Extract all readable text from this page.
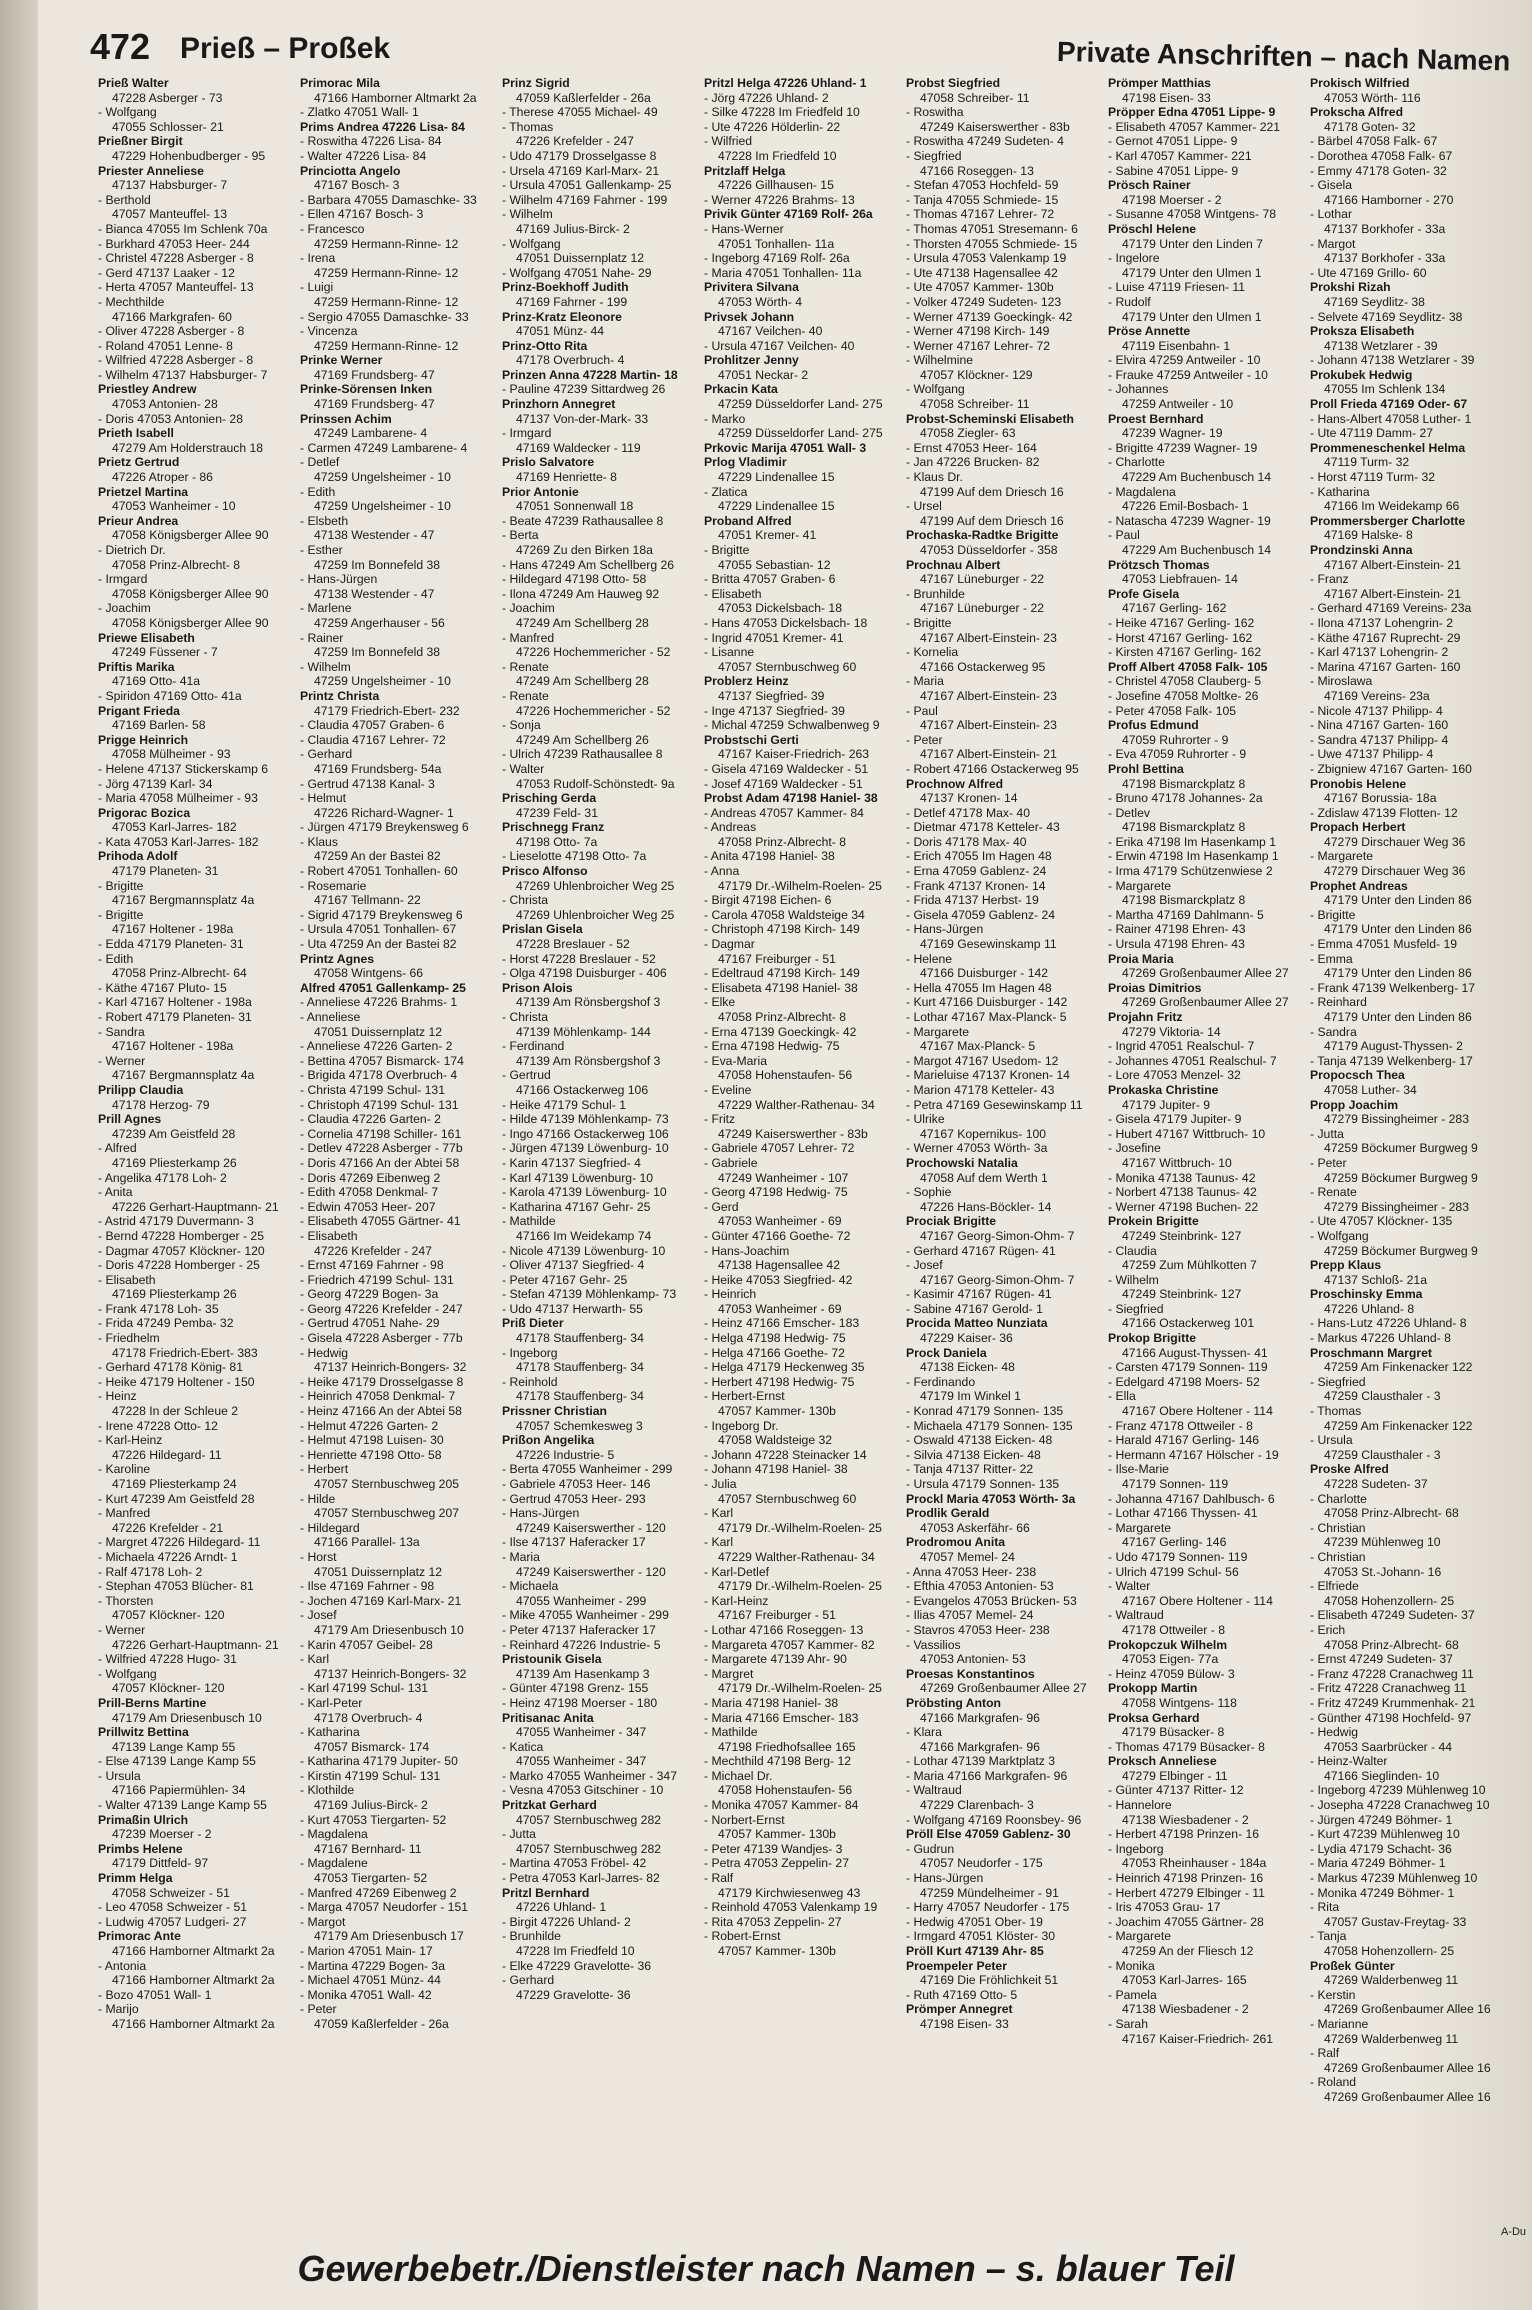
472 Prieß – Proßek	Private Anschriften – nach Namen
Prieß Walter
47228 Asberger - 73
- Wolfgang
47055 Schlosser- 21
Prießner Birgit
47229 Hohenbudberger - 95
Priester Anneliese
47137 Habsburger- 7
- Berthold
47057 Manteuffel- 13
- Bianca 47055 Im Schlenk 70a
- Burkhard 47053 Heer- 244
- Christel 47228 Asberger - 8
- Gerd 47137 Laaker - 12
- Herta 47057 Manteuffel- 13
- Mechthilde
47166 Markgrafen- 60
- Oliver 47228 Asberger - 8
- Roland 47051 Lenne- 8
- Wilfried 47228 Asberger - 8
- Wilhelm 47137 Habsburger- 7
Priestley Andrew
47053 Antonien- 28
- Doris 47053 Antonien- 28
Prieth Isabell
47279 Am Holderstrauch 18
Prietz Gertrud
47226 Atroper - 86
Prietzel Martina
47053 Wanheimer - 10
Prieur Andrea
47058 Königsberger Allee 90
- Dietrich Dr.
47058 Prinz-Albrecht- 8
- Irmgard
47058 Königsberger Allee 90
- Joachim
47058 Königsberger Allee 90
Priewe Elisabeth
47249 Füssener - 7
Priftis Marika
47169 Otto- 41a
- Spiridon 47169 Otto- 41a
Prigant Frieda
47169 Barlen- 58
Prigge Heinrich
47058 Mülheimer - 93
- Helene 47137 Stickerskamp 6
- Jörg 47139 Karl- 34
- Maria 47058 Mülheimer - 93
Prigorac Bozica
47053 Karl-Jarres- 182
- Kata 47053 Karl-Jarres- 182
Prihoda Adolf
47179 Planeten- 31
- Brigitte
47167 Bergmannsplatz 4a
- Brigitte
47167 Holtener - 198a
- Edda 47179 Planeten- 31
- Edith
47058 Prinz-Albrecht- 64
- Käthe 47167 Pluto- 15
- Karl 47167 Holtener - 198a
- Robert 47179 Planeten- 31
- Sandra
47167 Holtener - 198a
- Werner
47167 Bergmannsplatz 4a
Prilipp Claudia
47178 Herzog- 79
Prill Agnes
47239 Am Geistfeld 28
- Alfred
47169 Pliesterkamp 26
- Angelika 47178 Loh- 2
- Anita
47226 Gerhart-Hauptmann- 21
- Astrid 47179 Duvermann- 3
- Bernd 47228 Homberger - 25
- Dagmar 47057 Klöckner- 120
- Doris 47228 Homberger - 25
- Elisabeth
47169 Pliesterkamp 26
- Frank 47178 Loh- 35
- Frida 47249 Pemba- 32
- Friedhelm
47178 Friedrich-Ebert- 383
- Gerhard 47178 König- 81
- Heike 47179 Holtener - 150
- Heinz
47228 In der Schleue 2
- Irene 47228 Otto- 12
- Karl-Heinz
47226 Hildegard- 11
- Karoline
47169 Pliesterkamp 24
- Kurt 47239 Am Geistfeld 28
- Manfred
47226 Krefelder - 21
- Margret 47226 Hildegard- 11
- Michaela 47226 Arndt- 1
- Ralf 47178 Loh- 2
- Stephan 47053 Blücher- 81
- Thorsten
47057 Klöckner- 120
- Werner
47226 Gerhart-Hauptmann- 21
- Wilfried 47228 Hugo- 31
- Wolfgang
47057 Klöckner- 120
Prill-Berns Martine
47179 Am Driesenbusch 10
Prillwitz Bettina
47139 Lange Kamp 55
- Else 47139 Lange Kamp 55
- Ursula
47166 Papiermühlen- 34
- Walter 47139 Lange Kamp 55
Primaßin Ulrich
47239 Moerser - 2
Primbs Helene
47179 Dittfeld- 97
Primm Helga
47058 Schweizer - 51
- Leo 47058 Schweizer - 51
- Ludwig 47057 Ludgeri- 27
Primorac Ante
47166 Hamborner Altmarkt 2a
- Antonia
47166 Hamborner Altmarkt 2a
- Bozo 47051 Wall- 1
- Marijo
47166 Hamborner Altmarkt 2a
Primorac Mila
47166 Hamborner Altmarkt 2a
- Zlatko 47051 Wall- 1
Prims Andrea 47226 Lisa- 84
- Roswitha 47226 Lisa- 84
- Walter 47226 Lisa- 84
Princiotta Angelo
47167 Bosch- 3
- Barbara 47055 Damaschke- 33
- Ellen 47167 Bosch- 3
- Francesco
47259 Hermann-Rinne- 12
- Irena
47259 Hermann-Rinne- 12
- Luigi
47259 Hermann-Rinne- 12
- Sergio 47055 Damaschke- 33
- Vincenza
47259 Hermann-Rinne- 12
Prinke Werner
47169 Frundsberg- 47
Prinke-Sörensen Inken
47169 Frundsberg- 47
Prinssen Achim
47249 Lambarene- 4
- Carmen 47249 Lambarene- 4
- Detlef
47259 Ungelsheimer - 10
- Edith
47259 Ungelsheimer - 10
- Elsbeth
47138 Westender - 47
- Esther
47259 Im Bonnefeld 38
- Hans-Jürgen
47138 Westender - 47
- Marlene
47259 Angerhauser - 56
- Rainer
47259 Im Bonnefeld 38
- Wilhelm
47259 Ungelsheimer - 10
Printz Christa
47179 Friedrich-Ebert- 232
- Claudia 47057 Graben- 6
- Claudia 47167 Lehrer- 72
- Gerhard
47169 Frundsberg- 54a
- Gertrud 47138 Kanal- 3
- Helmut
47226 Richard-Wagner- 1
- Jürgen 47179 Breykensweg 6
- Klaus
47259 An der Bastei 82
- Robert 47051 Tonhallen- 60
- Rosemarie
47167 Tellmann- 22
- Sigrid 47179 Breykensweg 6
- Ursula 47051 Tonhallen- 67
- Uta 47259 An der Bastei 82
Printz Agnes
47058 Wintgens- 66
Alfred 47051 Gallenkamp- 25
- Anneliese 47226 Brahms- 1
- Anneliese
47051 Duissernplatz 12
- Anneliese 47226 Garten- 2
- Bettina 47057 Bismarck- 174
- Brigida 47178 Overbruch- 4
- Christa 47199 Schul- 131
- Christoph 47199 Schul- 131
- Claudia 47226 Garten- 2
- Cornelia 47198 Schiller- 161
- Detlev 47228 Asberger - 77b
- Doris 47166 An der Abtei 58
- Doris 47269 Eibenweg 2
- Edith 47058 Denkmal- 7
- Edwin 47053 Heer- 207
- Elisabeth 47055 Gärtner- 41
- Elisabeth
47226 Krefelder - 247
- Ernst 47169 Fahrner - 98
- Friedrich 47199 Schul- 131
- Georg 47229 Bogen- 3a
- Georg 47226 Krefelder - 247
- Gertrud 47051 Nahe- 29
- Gisela 47228 Asberger - 77b
- Hedwig
47137 Heinrich-Bongers- 32
- Heike 47179 Drosselgasse 8
- Heinrich 47058 Denkmal- 7
- Heinz 47166 An der Abtei 58
- Helmut 47226 Garten- 2
- Helmut 47198 Luisen- 30
- Henriette 47198 Otto- 58
- Herbert
47057 Sternbuschweg 205
- Hilde
47057 Sternbuschweg 207
- Hildegard
47166 Parallel- 13a
- Horst
47051 Duissernplatz 12
- Ilse 47169 Fahrner - 98
- Jochen 47169 Karl-Marx- 21
- Josef
47179 Am Driesenbusch 10
- Karin 47057 Geibel- 28
- Karl
47137 Heinrich-Bongers- 32
- Karl 47199 Schul- 131
- Karl-Peter
47178 Overbruch- 4
- Katharina
47057 Bismarck- 174
- Katharina 47179 Jupiter- 50
- Kirstin 47199 Schul- 131
- Klothilde
47169 Julius-Birck- 2
- Kurt 47053 Tiergarten- 52
- Magdalena
47167 Bernhard- 11
- Magdalene
47053 Tiergarten- 52
- Manfred 47269 Eibenweg 2
- Marga 47057 Neudorfer - 151
- Margot
47179 Am Driesenbusch 17
- Marion 47051 Main- 17
- Martina 47229 Bogen- 3a
- Michael 47051 Münz- 44
- Monika 47051 Wall- 42
- Peter
47059 Kaßlerfelder - 26a
Prinz Sigrid
47059 Kaßlerfelder - 26a
- Therese 47055 Michael- 49
- Thomas
47226 Krefelder - 247
- Udo 47179 Drosselgasse 8
- Ursela 47169 Karl-Marx- 21
- Ursula 47051 Gallenkamp- 25
- Wilhelm 47169 Fahrner - 199
- Wilhelm
47169 Julius-Birck- 2
- Wolfgang
47051 Duissernplatz 12
- Wolfgang 47051 Nahe- 29
Prinz-Boekhoff Judith
47169 Fahrner - 199
Prinz-Kratz Eleonore
47051 Münz- 44
Prinz-Otto Rita
47178 Overbruch- 4
Prinzen Anna 47228 Martin- 18
- Pauline 47239 Sittardweg 26
Prinzhorn Annegret
47137 Von-der-Mark- 33
- Irmgard
47169 Waldecker - 119
Prislo Salvatore
47169 Henriette- 8
Prior Antonie
47051 Sonnenwall 18
- Beate 47239 Rathausallee 8
- Berta
47269 Zu den Birken 18a
- Hans 47249 Am Schellberg 26
- Hildegard 47198 Otto- 58
- Ilona 47249 Am Hauweg 92
- Joachim
47249 Am Schellberg 28
- Manfred
47226 Hochemmericher - 52
- Renate
47249 Am Schellberg 28
- Renate
47226 Hochemmericher - 52
- Sonja
47249 Am Schellberg 26
- Ulrich 47239 Rathausallee 8
- Walter
47053 Rudolf-Schönstedt- 9a
Prisching Gerda
47239 Feld- 31
Prischnegg Franz
47198 Otto- 7a
- Lieselotte 47198 Otto- 7a
Prisco Alfonso
47269 Uhlenbroicher Weg 25
- Christa
47269 Uhlenbroicher Weg 25
Prislan Gisela
47228 Breslauer - 52
- Horst 47228 Breslauer - 52
- Olga 47198 Duisburger - 406
Prison Alois
47139 Am Rönsbergshof 3
- Christa
47139 Möhlenkamp- 144
- Ferdinand
47139 Am Rönsbergshof 3
- Gertrud
47166 Ostackerweg 106
- Heike 47179 Schul- 1
- Hilde 47139 Möhlenkamp- 73
- Ingo 47166 Ostackerweg 106
- Jürgen 47139 Löwenburg- 10
- Karin 47137 Siegfried- 4
- Karl 47139 Löwenburg- 10
- Karola 47139 Löwenburg- 10
- Katharina 47167 Gehr- 25
- Mathilde
47166 Im Weidekamp 74
- Nicole 47139 Löwenburg- 10
- Oliver 47137 Siegfried- 4
- Peter 47167 Gehr- 25
- Stefan 47139 Möhlenkamp- 73
- Udo 47137 Herwarth- 55
Priß Dieter
47178 Stauffenberg- 34
- Ingeborg
47178 Stauffenberg- 34
- Reinhold
47178 Stauffenberg- 34
Prissner Christian
47057 Schemkesweg 3
Prißon Angelika
47226 Industrie- 5
- Berta 47055 Wanheimer - 299
- Gabriele 47053 Heer- 146
- Gertrud 47053 Heer- 293
- Hans-Jürgen
47249 Kaiserswerther - 120
- Ilse 47137 Haferacker 17
- Maria
47249 Kaiserswerther - 120
- Michaela
47055 Wanheimer - 299
- Mike 47055 Wanheimer - 299
- Peter 47137 Haferacker 17
- Reinhard 47226 Industrie- 5
Pristounik Gisela
47139 Am Hasenkamp 3
- Günter 47198 Grenz- 155
- Heinz 47198 Moerser - 180
Pritisanac Anita
47055 Wanheimer - 347
- Katica
47055 Wanheimer - 347
- Marko 47055 Wanheimer - 347
- Vesna 47053 Gitschiner - 10
Pritzkat Gerhard
47057 Sternbuschweg 282
- Jutta
47057 Sternbuschweg 282
- Martina 47053 Fröbel- 42
- Petra 47053 Karl-Jarres- 82
Pritzl Bernhard
47226 Uhland- 1
- Birgit 47226 Uhland- 2
- Brunhilde
47228 Im Friedfeld 10
- Elke 47229 Gravelotte- 36
- Gerhard
47229 Gravelotte- 36
Pritzl Helga 47226 Uhland- 1
- Jörg 47226 Uhland- 2
- Silke 47228 Im Friedfeld 10
- Ute 47226 Hölderlin- 22
- Wilfried
47228 Im Friedfeld 10
Pritzlaff Helga
47226 Gillhausen- 15
- Werner 47226 Brahms- 13
Privik Günter 47169 Rolf- 26a
- Hans-Werner
47051 Tonhallen- 11a
- Ingeborg 47169 Rolf- 26a
- Maria 47051 Tonhallen- 11a
Privitera Silvana
47053 Wörth- 4
Privsek Johann
47167 Veilchen- 40
- Ursula 47167 Veilchen- 40
Prohlitzer Jenny
47051 Neckar- 2
Prkacin Kata
47259 Düsseldorfer Land- 275
- Marko
47259 Düsseldorfer Land- 275
Prkovic Marija 47051 Wall- 3
Prlog Vladimir
47229 Lindenallee 15
- Zlatica
47229 Lindenallee 15
Proband Alfred
47051 Kremer- 41
- Brigitte
47055 Sebastian- 12
- Britta 47057 Graben- 6
- Elisabeth
47053 Dickelsbach- 18
- Hans 47053 Dickelsbach- 18
- Ingrid 47051 Kremer- 41
- Lisanne
47057 Sternbuschweg 60
Problerz Heinz
47137 Siegfried- 39
- Inge 47137 Siegfried- 39
- Michal 47259 Schwalbenweg 9
Probstschi Gerti
47167 Kaiser-Friedrich- 263
- Gisela 47169 Waldecker - 51
- Josef 47169 Waldecker - 51
Probst Adam 47198 Haniel- 38
- Andreas 47057 Kammer- 84
- Andreas
47058 Prinz-Albrecht- 8
- Anita 47198 Haniel- 38
- Anna
47179 Dr.-Wilhelm-Roelen- 25
- Birgit 47198 Eichen- 6
- Carola 47058 Waldsteige 34
- Christoph 47198 Kirch- 149
- Dagmar
47167 Freiburger - 51
- Edeltraud 47198 Kirch- 149
- Elisabeta 47198 Haniel- 38
- Elke
47058 Prinz-Albrecht- 8
- Erna 47139 Goeckingk- 42
- Erna 47198 Hedwig- 75
- Eva-Maria
47058 Hohenstaufen- 56
- Eveline
47229 Walther-Rathenau- 34
- Fritz
47249 Kaiserswerther - 83b
- Gabriele 47057 Lehrer- 72
- Gabriele
47249 Wanheimer - 107
- Georg 47198 Hedwig- 75
- Gerd
47053 Wanheimer - 69
- Günter 47166 Goethe- 72
- Hans-Joachim
47138 Hagensallee 42
- Heike 47053 Siegfried- 42
- Heinrich
47053 Wanheimer - 69
- Heinz 47166 Emscher- 183
- Helga 47198 Hedwig- 75
- Helga 47166 Goethe- 72
- Helga 47179 Heckenweg 35
- Herbert 47198 Hedwig- 75
- Herbert-Ernst
47057 Kammer- 130b
- Ingeborg Dr.
47058 Waldsteige 32
- Johann 47228 Steinacker 14
- Johann 47198 Haniel- 38
- Julia
47057 Sternbuschweg 60
- Karl
47179 Dr.-Wilhelm-Roelen- 25
- Karl
47229 Walther-Rathenau- 34
- Karl-Detlef
47179 Dr.-Wilhelm-Roelen- 25
- Karl-Heinz
47167 Freiburger - 51
- Lothar 47166 Roseggen- 13
- Margareta 47057 Kammer- 82
- Margarete 47139 Ahr- 90
- Margret
47179 Dr.-Wilhelm-Roelen- 25
- Maria 47198 Haniel- 38
- Maria 47166 Emscher- 183
- Mathilde
47198 Friedhofsallee 165
- Mechthild 47198 Berg- 12
- Michael Dr.
47058 Hohenstaufen- 56
- Monika 47057 Kammer- 84
- Norbert-Ernst
47057 Kammer- 130b
- Peter 47139 Wandjes- 3
- Petra 47053 Zeppelin- 27
- Ralf
47179 Kirchwiesenweg 43
- Reinhold 47053 Valenkamp 19
- Rita 47053 Zeppelin- 27
- Robert-Ernst
47057 Kammer- 130b
Probst Siegfried
47058 Schreiber- 11
- Roswitha
47249 Kaiserswerther - 83b
- Roswitha 47249 Sudeten- 4
- Siegfried
47166 Roseggen- 13
- Stefan 47053 Hochfeld- 59
- Tanja 47055 Schmiede- 15
- Thomas 47167 Lehrer- 72
- Thomas 47051 Stresemann- 6
- Thorsten 47055 Schmiede- 15
- Ursula 47053 Valenkamp 19
- Ute 47138 Hagensallee 42
- Ute 47057 Kammer- 130b
- Volker 47249 Sudeten- 123
- Werner 47139 Goeckingk- 42
- Werner 47198 Kirch- 149
- Werner 47167 Lehrer- 72
- Wilhelmine
47057 Klöckner- 129
- Wolfgang
47058 Schreiber- 11
Probst-Scheminski Elisabeth
47058 Ziegler- 63
- Ernst 47053 Heer- 164
- Jan 47226 Brucken- 82
- Klaus Dr.
47199 Auf dem Driesch 16
- Ursel
47199 Auf dem Driesch 16
Prochaska-Radtke Brigitte
47053 Düsseldorfer - 358
Prochnau Albert
47167 Lüneburger - 22
- Brunhilde
47167 Lüneburger - 22
- Brigitte
47167 Albert-Einstein- 23
- Kornelia
47166 Ostackerweg 95
- Maria
47167 Albert-Einstein- 23
- Paul
47167 Albert-Einstein- 23
- Peter
47167 Albert-Einstein- 21
- Robert 47166 Ostackerweg 95
Prochnow Alfred
47137 Kronen- 14
- Detlef 47178 Max- 40
- Dietmar 47178 Ketteler- 43
- Doris 47178 Max- 40
- Erich 47055 Im Hagen 48
- Erna 47059 Gablenz- 24
- Frank 47137 Kronen- 14
- Frida 47137 Herbst- 19
- Gisela 47059 Gablenz- 24
- Hans-Jürgen
47169 Gesewinskamp 11
- Helene
47166 Duisburger - 142
- Hella 47055 Im Hagen 48
- Kurt 47166 Duisburger - 142
- Lothar 47167 Max-Planck- 5
- Margarete
47167 Max-Planck- 5
- Margot 47167 Usedom- 12
- Marieluise 47137 Kronen- 14
- Marion 47178 Ketteler- 43
- Petra 47169 Gesewinskamp 11
- Ulrike
47167 Kopernikus- 100
- Werner 47053 Wörth- 3a
Prochowski Natalia
47058 Auf dem Werth 1
- Sophie
47226 Hans-Böckler- 14
Prociak Brigitte
47167 Georg-Simon-Ohm- 7
- Gerhard 47167 Rügen- 41
- Josef
47167 Georg-Simon-Ohm- 7
- Kasimir 47167 Rügen- 41
- Sabine 47167 Gerold- 1
Procida Matteo Nunziata
47229 Kaiser- 36
Prock Daniela
47138 Eicken- 48
- Ferdinando
47179 Im Winkel 1
- Konrad 47179 Sonnen- 135
- Michaela 47179 Sonnen- 135
- Oswald 47138 Eicken- 48
- Silvia 47138 Eicken- 48
- Tanja 47137 Ritter- 22
- Ursula 47179 Sonnen- 135
Prockl Maria 47053 Wörth- 3a
Prodlik Gerald
47053 Askerfähr- 66
Prodromou Anita
47057 Memel- 24
- Anna 47053 Heer- 238
- Efthia 47053 Antonien- 53
- Evangelos 47053 Brücken- 53
- Ilias 47057 Memel- 24
- Stavros 47053 Heer- 238
- Vassilios
47053 Antonien- 53
Proesas Konstantinos
47269 Großenbaumer Allee 27
Pröbsting Anton
47166 Markgrafen- 96
- Klara
47166 Markgrafen- 96
- Lothar 47139 Marktplatz 3
- Maria 47166 Markgrafen- 96
- Waltraud
47229 Clarenbach- 3
- Wolfgang 47169 Roonsbey- 96
Pröll Else 47059 Gablenz- 30
- Gudrun
47057 Neudorfer - 175
- Hans-Jürgen
47259 Mündelheimer - 91
- Harry 47057 Neudorfer - 175
- Hedwig 47051 Ober- 19
- Irmgard 47051 Klöster- 30
Pröll Kurt 47139 Ahr- 85
Proempeler Peter
47169 Die Fröhlichkeit 51
- Ruth 47169 Otto- 5
Prömper Annegret
47198 Eisen- 33
Prömper Matthias
47198 Eisen- 33
Pröpper Edna 47051 Lippe- 9
- Elisabeth 47057 Kammer- 221
- Gernot 47051 Lippe- 9
- Karl 47057 Kammer- 221
- Sabine 47051 Lippe- 9
Prösch Rainer
47198 Moerser - 2
- Susanne 47058 Wintgens- 78
Pröschl Helene
47179 Unter den Linden 7
- Ingelore
47179 Unter den Ulmen 1
- Luise 47119 Friesen- 11
- Rudolf
47179 Unter den Ulmen 1
Pröse Annette
47119 Eisenbahn- 1
- Elvira 47259 Antweiler - 10
- Frauke 47259 Antweiler - 10
- Johannes
47259 Antweiler - 10
Proest Bernhard
47239 Wagner- 19
- Brigitte 47239 Wagner- 19
- Charlotte
47229 Am Buchenbusch 14
- Magdalena
47226 Emil-Bosbach- 1
- Natascha 47239 Wagner- 19
- Paul
47229 Am Buchenbusch 14
Prötzsch Thomas
47053 Liebfrauen- 14
Profe Gisela
47167 Gerling- 162
- Heike 47167 Gerling- 162
- Horst 47167 Gerling- 162
- Kirsten 47167 Gerling- 162
Proff Albert 47058 Falk- 105
- Christel 47058 Clauberg- 5
- Josefine 47058 Moltke- 26
- Peter 47058 Falk- 105
Profus Edmund
47059 Ruhrorter - 9
- Eva 47059 Ruhrorter - 9
Prohl Bettina
47198 Bismarckplatz 8
- Bruno 47178 Johannes- 2a
- Detlev
47198 Bismarckplatz 8
- Erika 47198 Im Hasenkamp 1
- Erwin 47198 Im Hasenkamp 1
- Irma 47179 Schützenwiese 2
- Margarete
47198 Bismarckplatz 8
- Martha 47169 Dahlmann- 5
- Rainer 47198 Ehren- 43
- Ursula 47198 Ehren- 43
Proia Maria
47269 Großenbaumer Allee 27
Proias Dimitrios
47269 Großenbaumer Allee 27
Projahn Fritz
47279 Viktoria- 14
- Ingrid 47051 Realschul- 7
- Johannes 47051 Realschul- 7
- Lore 47053 Menzel- 32
Prokaska Christine
47179 Jupiter- 9
- Gisela 47179 Jupiter- 9
- Hubert 47167 Wittbruch- 10
- Josefine
47167 Wittbruch- 10
- Monika 47138 Taunus- 42
- Norbert 47138 Taunus- 42
- Werner 47198 Buchen- 22
Prokein Brigitte
47249 Steinbrink- 127
- Claudia
47259 Zum Mühlkotten 7
- Wilhelm
47249 Steinbrink- 127
- Siegfried
47166 Ostackerweg 101
Prokop Brigitte
47166 August-Thyssen- 41
- Carsten 47179 Sonnen- 119
- Edelgard 47198 Moers- 52
- Ella
47167 Obere Holtener - 114
- Franz 47178 Ottweiler - 8
- Harald 47167 Gerling- 146
- Hermann 47167 Hölscher - 19
- Ilse-Marie
47179 Sonnen- 119
- Johanna 47167 Dahlbusch- 6
- Lothar 47166 Thyssen- 41
- Margarete
47167 Gerling- 146
- Udo 47179 Sonnen- 119
- Ulrich 47199 Schul- 56
- Walter
47167 Obere Holtener - 114
- Waltraud
47178 Ottweiler - 8
Prokopczuk Wilhelm
47053 Eigen- 77a
- Heinz 47059 Bülow- 3
Prokopp Martin
47058 Wintgens- 118
Proksa Gerhard
47179 Büsacker- 8
- Thomas 47179 Büsacker- 8
Proksch Anneliese
47279 Elbinger - 11
- Günter 47137 Ritter- 12
- Hannelore
47138 Wiesbadener - 2
- Herbert 47198 Prinzen- 16
- Ingeborg
47053 Rheinhauser - 184a
- Heinrich 47198 Prinzen- 16
- Herbert 47279 Elbinger - 11
- Iris 47053 Grau- 17
- Joachim 47055 Gärtner- 28
- Margarete
47259 An der Fliesch 12
- Monika
47053 Karl-Jarres- 165
- Pamela
47138 Wiesbadener - 2
- Sarah
47167 Kaiser-Friedrich- 261
Prokisch Wilfried
47053 Wörth- 116
Prokscha Alfred
47178 Goten- 32
- Bärbel 47058 Falk- 67
- Dorothea 47058 Falk- 67
- Emmy 47178 Goten- 32
- Gisela
47166 Hamborner - 270
- Lothar
47137 Borkhofer - 33a
- Margot
47137 Borkhofer - 33a
- Ute 47169 Grillo- 60
Prokshi Rizah
47169 Seydlitz- 38
- Selvete 47169 Seydlitz- 38
Proksza Elisabeth
47138 Wetzlarer - 39
- Johann 47138 Wetzlarer - 39
Prokubek Hedwig
47055 Im Schlenk 134
Proll Frieda 47169 Oder- 67
- Hans-Albert 47058 Luther- 1
- Ute 47119 Damm- 27
Prommeneschenkel Helma
47119 Turm- 32
- Horst 47119 Turm- 32
- Katharina
47166 Im Weidekamp 66
Prommersberger Charlotte
47169 Halske- 8
Prondzinski Anna
47167 Albert-Einstein- 21
- Franz
47167 Albert-Einstein- 21
- Gerhard 47169 Vereins- 23a
- Ilona 47137 Lohengrin- 2
- Käthe 47167 Ruprecht- 29
- Karl 47137 Lohengrin- 2
- Marina 47167 Garten- 160
- Miroslawa
47169 Vereins- 23a
- Nicole 47137 Philipp- 4
- Nina 47167 Garten- 160
- Sandra 47137 Philipp- 4
- Uwe 47137 Philipp- 4
- Zbigniew 47167 Garten- 160
Pronobis Helene
47167 Borussia- 18a
- Zdislaw 47139 Flotten- 12
Propach Herbert
47279 Dirschauer Weg 36
- Margarete
47279 Dirschauer Weg 36
Prophet Andreas
47179 Unter den Linden 86
- Brigitte
47179 Unter den Linden 86
- Emma 47051 Musfeld- 19
- Emma
47179 Unter den Linden 86
- Frank 47139 Welkenberg- 17
- Reinhard
47179 Unter den Linden 86
- Sandra
47179 August-Thyssen- 2
- Tanja 47139 Welkenberg- 17
Propocsch Thea
47058 Luther- 34
Propp Joachim
47279 Bissingheimer - 283
- Jutta
47259 Böckumer Burgweg 9
- Peter
47259 Böckumer Burgweg 9
- Renate
47279 Bissingheimer - 283
- Ute 47057 Klöckner- 135
- Wolfgang
47259 Böckumer Burgweg 9
Prepp Klaus
47137 Schloß- 21a
Proschinsky Emma
47226 Uhland- 8
- Hans-Lutz 47226 Uhland- 8
- Markus 47226 Uhland- 8
Proschmann Margret
47259 Am Finkenacker 122
- Siegfried
47259 Clausthaler - 3
- Thomas
47259 Am Finkenacker 122
- Ursula
47259 Clausthaler - 3
Proske Alfred
47228 Sudeten- 37
- Charlotte
47058 Prinz-Albrecht- 68
- Christian
47239 Mühlenweg 10
- Christian
47053 St.-Johann- 16
- Elfriede
47058 Hohenzollern- 25
- Elisabeth 47249 Sudeten- 37
- Erich
47058 Prinz-Albrecht- 68
- Ernst 47249 Sudeten- 37
- Franz 47228 Cranachweg 11
- Fritz 47228 Cranachweg 11
- Fritz 47249 Krummenhak- 21
- Günther 47198 Hochfeld- 97
- Hedwig
47053 Saarbrücker - 44
- Heinz-Walter
47166 Sieglinden- 10
- Ingeborg 47239 Mühlenweg 10
- Josepha 47228 Cranachweg 10
- Jürgen 47249 Böhmer- 1
- Kurt 47239 Mühlenweg 10
- Lydia 47179 Schacht- 36
- Maria 47249 Böhmer- 1
- Markus 47239 Mühlenweg 10
- Monika 47249 Böhmer- 1
- Rita
47057 Gustav-Freytag- 33
- Tanja
47058 Hohenzollern- 25
Proßek Günter
47269 Walderbenweg 11
- Kerstin
47269 Großenbaumer Allee 16
- Marianne
47269 Walderbenweg 11
- Ralf
47269 Großenbaumer Allee 16
- Roland
47269 Großenbaumer Allee 16
A-Du
Gewerbebetr./Dienstleister nach Namen – s. blauer Teil
